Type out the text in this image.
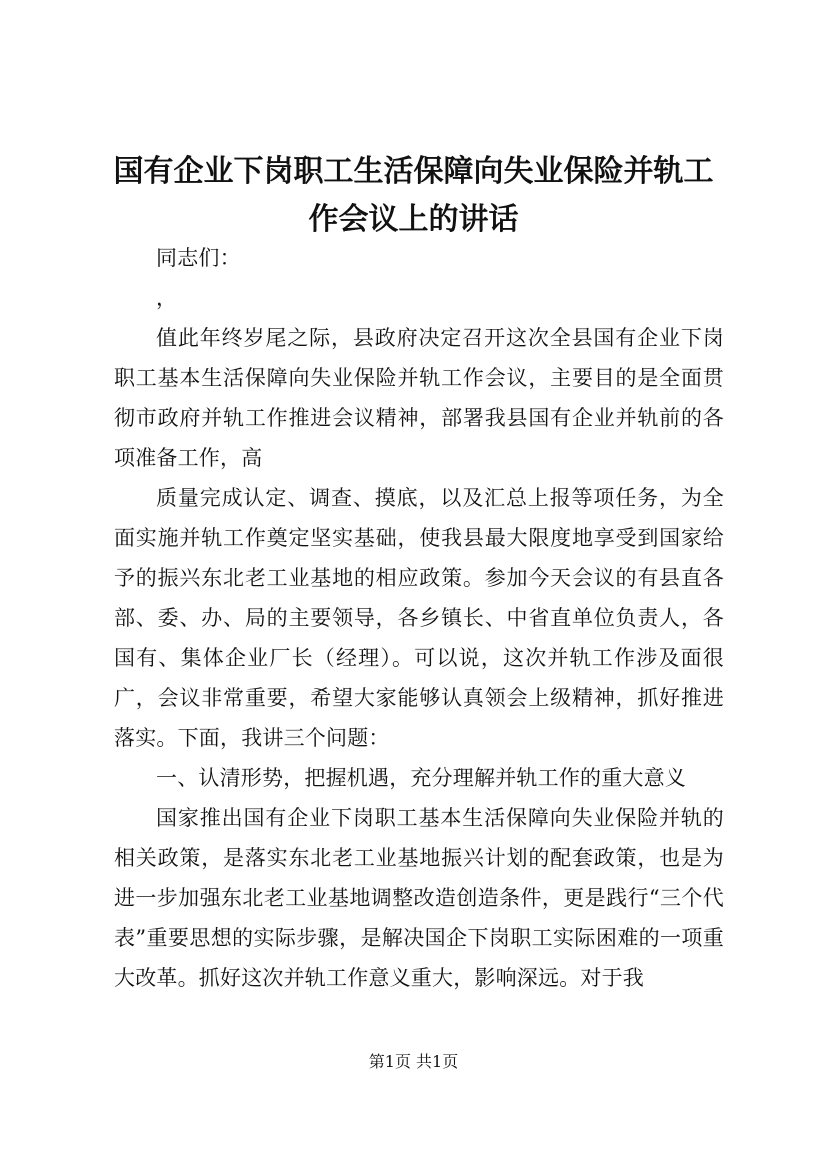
国有企业下岗职工生活保障向失业保险并轨工作会议上的讲话

同志们：

，

值此年终岁尾之际，县政府决定召开这次全县国有企业下岗职工基本生活保障向失业保险并轨工作会议，主要目的是全面贯彻市政府并轨工作推进会议精神，部署我县国有企业并轨前的各项准备工作，高

质量完成认定、调查、摸底，以及汇总上报等项任务，为全面实施并轨工作奠定坚实基础，使我县最大限度地享受到国家给予的振兴东北老工业基地的相应政策。参加今天会议的有县直各部、委、办、局的主要领导，各乡镇长、中省直单位负责人，各国有、集体企业厂长（经理）。可以说，这次并轨工作涉及面很广，会议非常重要，希望大家能够认真领会上级精神，抓好推进落实。下面，我讲三个问题：

一、认清形势，把握机遇，充分理解并轨工作的重大意义

国家推出国有企业下岗职工基本生活保障向失业保险并轨的相关政策，是落实东北老工业基地振兴计划的配套政策，也是为进一步加强东北老工业基地调整改造创造条件，更是践行“三个代表”重要思想的实际步骤，是解决国企下岗职工实际困难的一项重大改革。抓好这次并轨工作意义重大，影响深远。对于我

第1页 共1页
